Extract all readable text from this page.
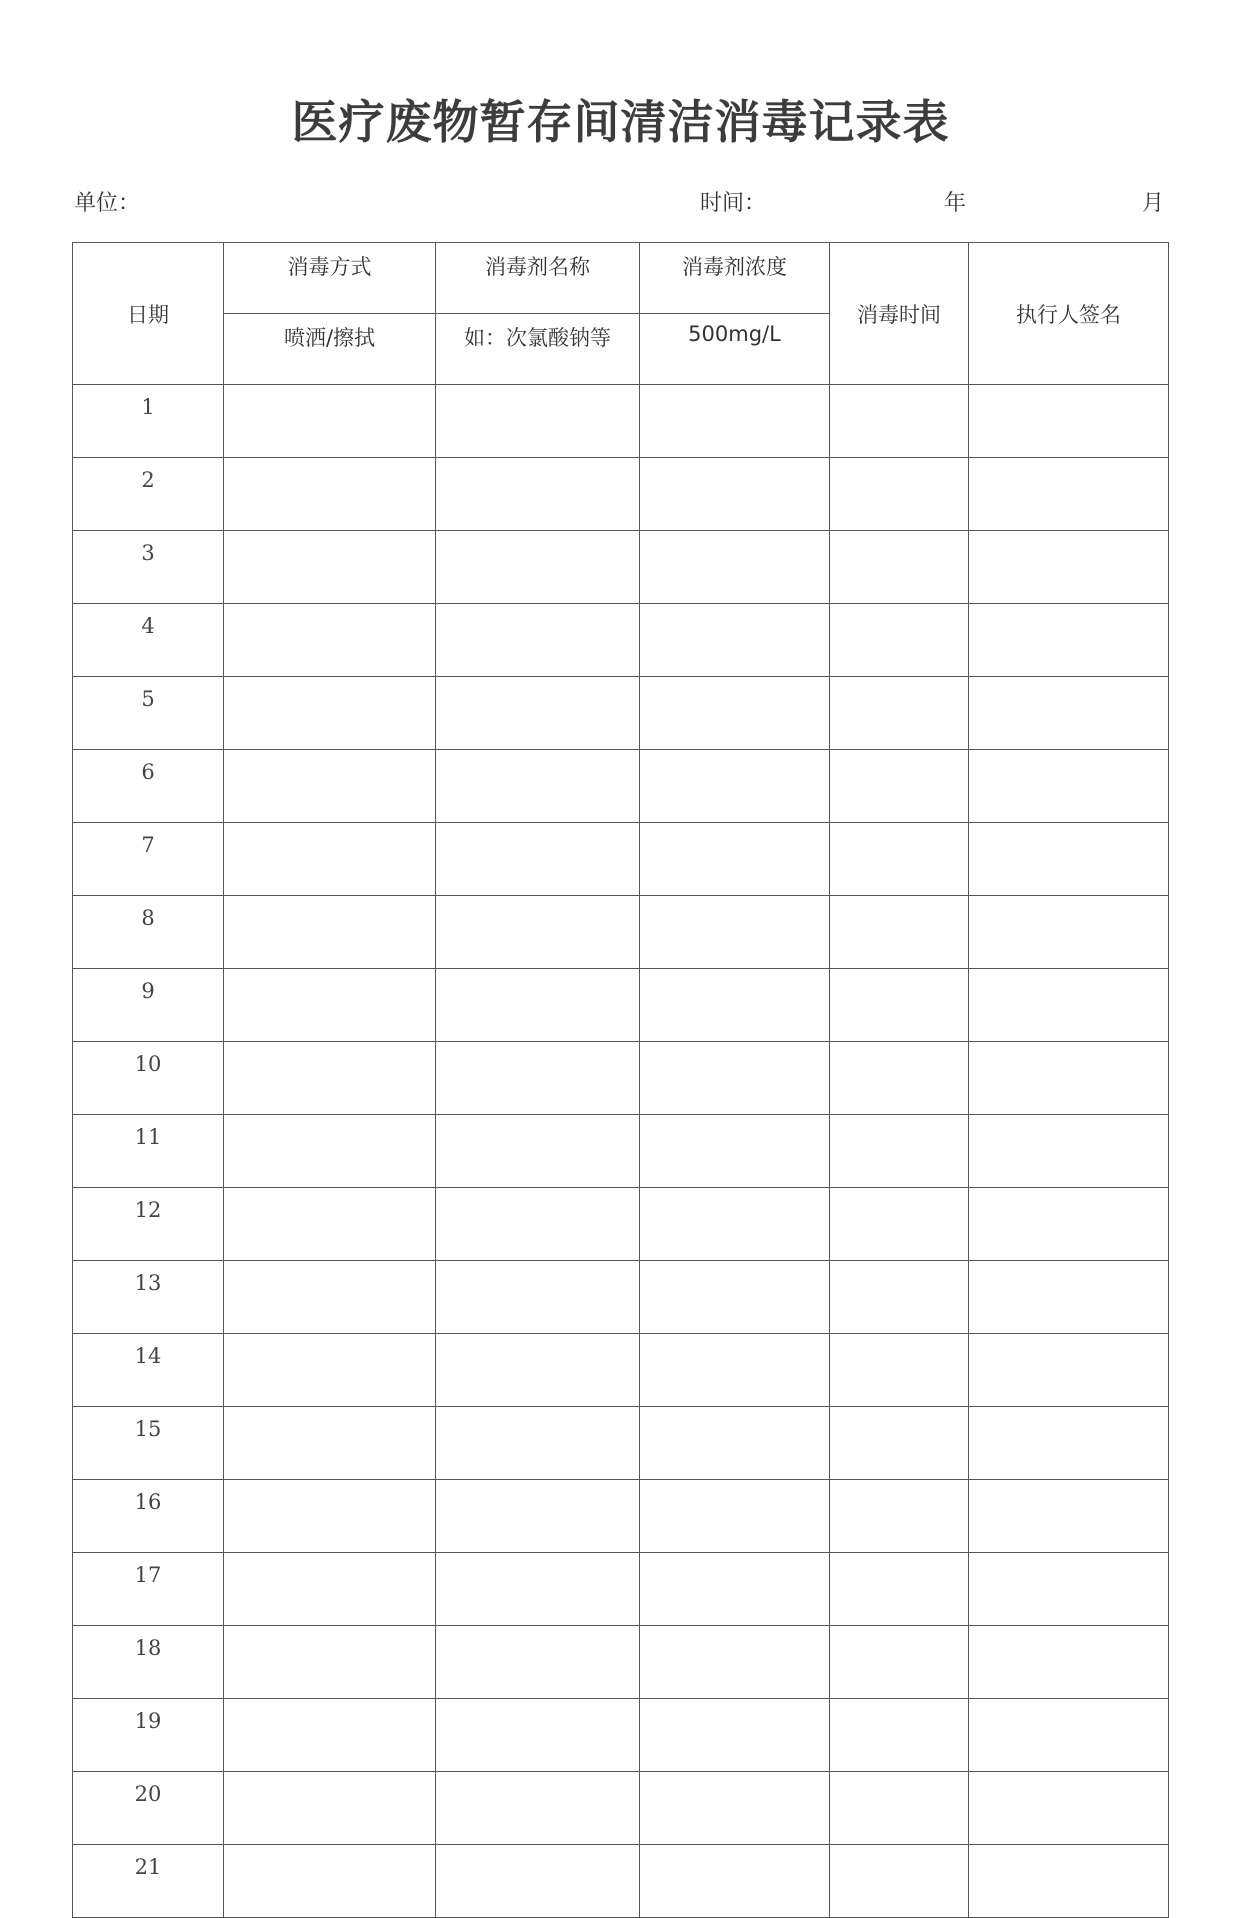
医疗废物暂存间清洁消毒记录表
单位：	时间：	年	月
日期	消毒方式	消毒剂名称	消毒剂浓度	消毒时间	执行人签名
	喷洒/擦拭	如：次氯酸钠等	500mg/L		
1					
2					
3					
4					
5					
6					
7					
8					
9					
10					
11					
12					
13					
14					
15					
16					
17					
18					
19					
20					
21					
